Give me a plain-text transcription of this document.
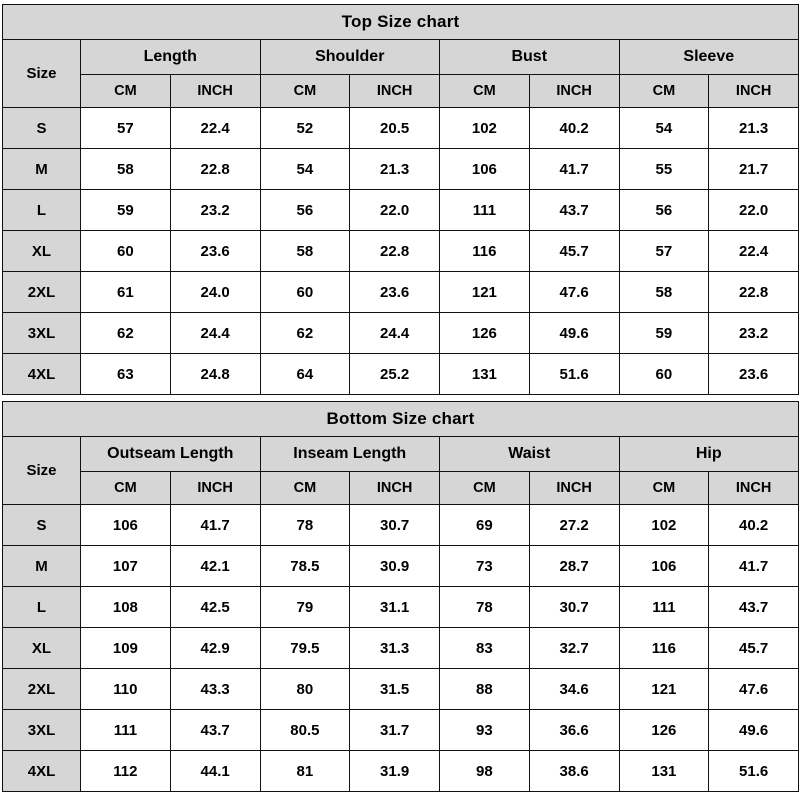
Top Size chart								
Size	Length		Shoulder		Bust		Sleeve	
	CM	INCH	CM	INCH	CM	INCH	CM	INCH
S	57	22.4	52	20.5	102	40.2	54	21.3
M	58	22.8	54	21.3	106	41.7	55	21.7
L	59	23.2	56	22.0	111	43.7	56	22.0
XL	60	23.6	58	22.8	116	45.7	57	22.4
2XL	61	24.0	60	23.6	121	47.6	58	22.8
3XL	62	24.4	62	24.4	126	49.6	59	23.2
4XL	63	24.8	64	25.2	131	51.6	60	23.6
Bottom Size chart								
Size	Outseam Length		Inseam Length		Waist		Hip	
	CM	INCH	CM	INCH	CM	INCH	CM	INCH
S	106	41.7	78	30.7	69	27.2	102	40.2
M	107	42.1	78.5	30.9	73	28.7	106	41.7
L	108	42.5	79	31.1	78	30.7	111	43.7
XL	109	42.9	79.5	31.3	83	32.7	116	45.7
2XL	110	43.3	80	31.5	88	34.6	121	47.6
3XL	111	43.7	80.5	31.7	93	36.6	126	49.6
4XL	112	44.1	81	31.9	98	38.6	131	51.6
